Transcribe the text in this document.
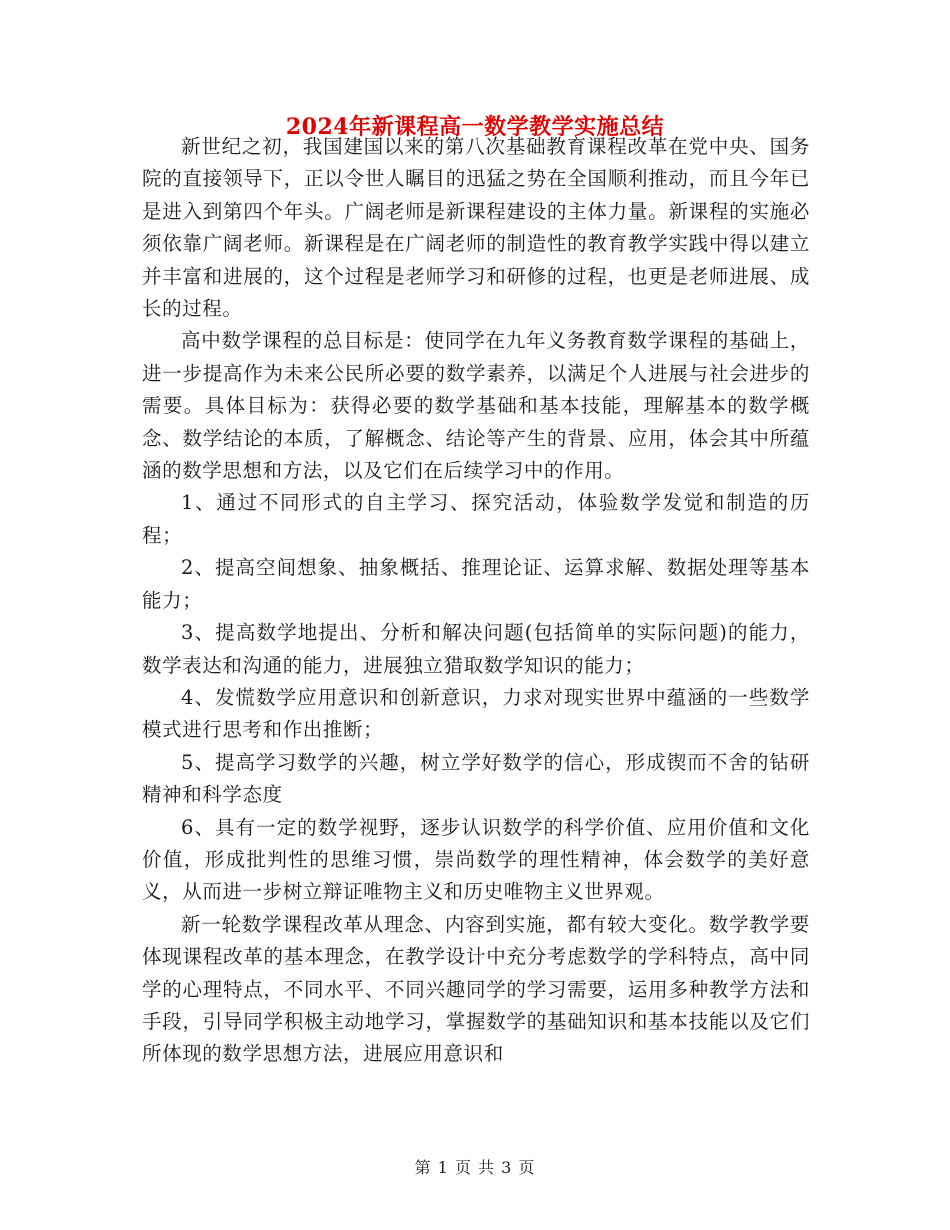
2024年新课程高一数学教学实施总结

新世纪之初，我国建国以来的第八次基础教育课程改革在党中央、国务院的直接领导下，正以令世人瞩目的迅猛之势在全国顺利推动，而且今年已是进入到第四个年头。广阔老师是新课程建设的主体力量。新课程的实施必须依靠广阔老师。新课程是在广阔老师的制造性的教育教学实践中得以建立并丰富和进展的，这个过程是老师学习和研修的过程，也更是老师进展、成长的过程。

高中数学课程的总目标是：使同学在九年义务教育数学课程的基础上，进一步提高作为未来公民所必要的数学素养，以满足个人进展与社会进步的需要。具体目标为：获得必要的数学基础和基本技能，理解基本的数学概念、数学结论的本质，了解概念、结论等产生的背景、应用，体会其中所蕴涵的数学思想和方法，以及它们在后续学习中的作用。

1、通过不同形式的自主学习、探究活动，体验数学发觉和制造的历程；

2、提高空间想象、抽象概括、推理论证、运算求解、数据处理等基本能力；

3、提高数学地提出、分析和解决问题(包括简单的实际问题)的能力，数学表达和沟通的能力，进展独立猎取数学知识的能力；

4、发慌数学应用意识和创新意识，力求对现实世界中蕴涵的一些数学模式进行思考和作出推断；

5、提高学习数学的兴趣，树立学好数学的信心，形成锲而不舍的钻研精神和科学态度

6、具有一定的数学视野，逐步认识数学的科学价值、应用价值和文化价值，形成批判性的思维习惯，崇尚数学的理性精神，体会数学的美好意义，从而进一步树立辩证唯物主义和历史唯物主义世界观。

新一轮数学课程改革从理念、内容到实施，都有较大变化。数学教学要体现课程改革的基本理念，在教学设计中充分考虑数学的学科特点，高中同学的心理特点，不同水平、不同兴趣同学的学习需要，运用多种教学方法和手段，引导同学积极主动地学习，掌握数学的基础知识和基本技能以及它们所体现的数学思想方法，进展应用意识和

第 1 页 共 3 页
